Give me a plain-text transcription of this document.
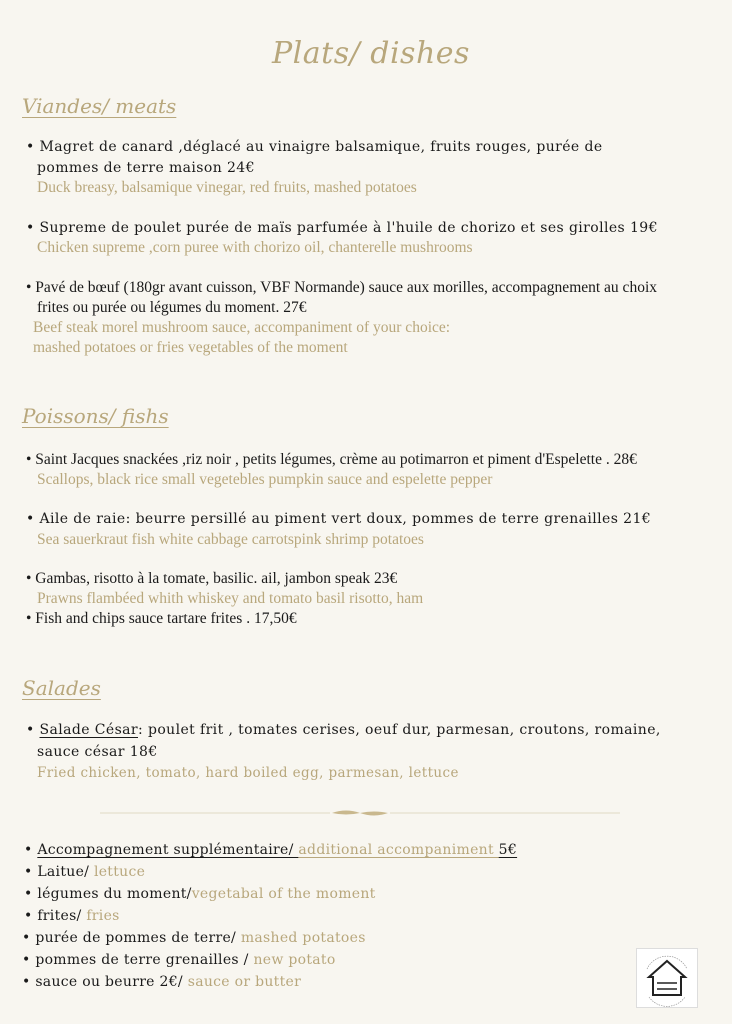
Plats/ dishes
Viandes/ meats
• Magret de canard ,déglacé au vinaigre balsamique, fruits rouges, purée de
pommes de terre maison 24€
Duck breasy, balsamique vinegar, red fruits, mashed potatoes
• Supreme de poulet purée de maïs parfumée à l'huile de chorizo et ses girolles 19€
Chicken supreme ,corn puree with chorizo oil, chanterelle mushrooms
• Pavé de bœuf (180gr avant cuisson, VBF Normande) sauce aux morilles, accompagnement au choix
frites ou purée ou légumes du moment. 27€
Beef steak morel mushroom sauce, accompaniment of your choice:
mashed potatoes or fries vegetables of the moment
Poissons/ fishs
• Saint Jacques snackées ,riz noir , petits légumes, crème au potimarron et piment d'Espelette . 28€
Scallops, black rice small vegetebles pumpkin sauce and espelette pepper
• Aile de raie: beurre persillé au piment vert doux, pommes de terre grenailles 21€
Sea sauerkraut fish white cabbage carrotspink shrimp potatoes
• Gambas, risotto à la tomate, basilic. ail, jambon speak 23€
Prawns flambéed whith whiskey and tomato basil risotto, ham
• Fish and chips sauce tartare frites . 17,50€
Salades
• Salade César: poulet frit , tomates cerises, oeuf dur, parmesan, croutons, romaine,
sauce césar 18€
Fried chicken, tomato, hard boiled egg, parmesan, lettuce
• Accompagnement supplémentaire/ additional accompaniment 5€
• Laitue/ lettuce
• légumes du moment/vegetabal of the moment
• frites/ fries
• purée de pommes de terre/ mashed potatoes
• pommes de terre grenailles / new potato
• sauce ou beurre 2€/ sauce or butter
